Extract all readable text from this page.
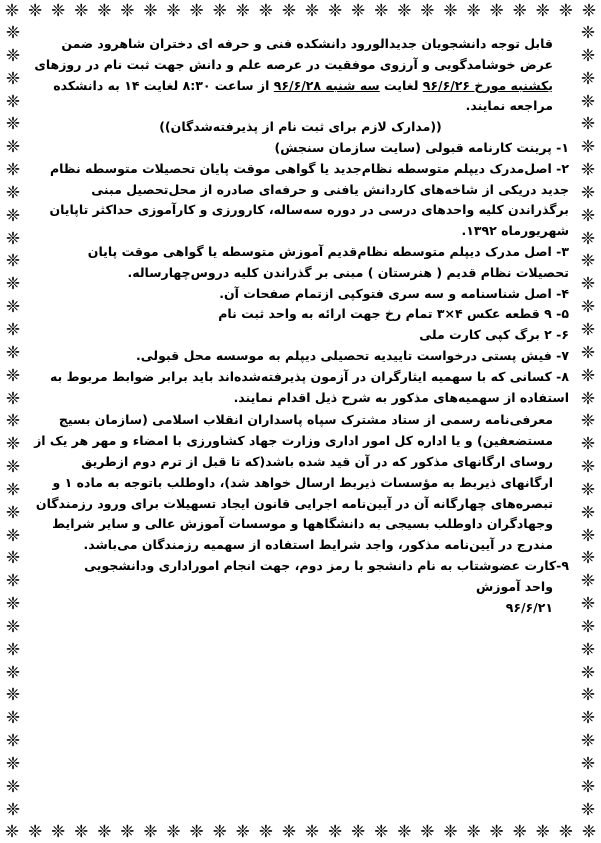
❈ ❈ ❈ ❈ ❈ ❈ ❈ ❈ ❈ ❈ ❈ ❈ ❈ ❈ ❈ ❈ ❈ ❈ ❈ ❈ ❈ ❈ ❈ ❈ ❈ ❈
❈ ❈ ❈ ❈ ❈ ❈ ❈ ❈ ❈ ❈ ❈ ❈ ❈ ❈ ❈ ❈ ❈ ❈ ❈ ❈ ❈ ❈ ❈ ❈ ❈ ❈
❈
❈
❈
❈
❈
❈
❈
❈
❈
❈
❈
❈
❈
❈
❈
❈
❈
❈
❈
❈
❈
❈
❈
❈
❈
❈
❈
❈
❈
❈
❈
❈
❈
❈
❈
❈
❈
❈
❈
❈
❈
❈
❈
❈
❈
❈
❈
❈
❈
❈
❈
❈
❈
❈
❈
❈
❈
❈
❈
❈
❈
❈
❈
❈
❈
❈
❈
❈
❈
❈

قابل توجه دانشجویان جدیدالورود دانشکده فنی و حرفه ای دختران شاهرود ضمن عرض خوشامدگویی و آرزوی موفقیت در عرصه علم و دانش جهت ثبت نام در روزهای یکشنبه مورخ ۹۶/۶/۲۶ لغایت سه شنبه ۹۶/۶/۲۸ از ساعت ۸:۳۰ لغایت ۱۴ به دانشکده مراجعه نمایند.

((مدارک لازم برای ثبت نام از پذیرفته‌شدگان))

۱- پرینت کارنامه قبولی (سایت سازمان سنجش)

۲- اصل‌مدرک دیپلم متوسطه نظام‌جدید یا گواهی موقت پایان تحصیلات متوسطه نظام جدید دریکی از شاخه‌های کاردانش یافنی و حرفه‌ای صادره از محل‌تحصیل مبنی برگذراندن کلیه واحدهای درسی در دوره سه‌ساله، کارورزی و کارآموزی حداکثر تاپایان شهریورماه ۱۳۹۲.

۳- اصل مدرک دیپلم متوسطه نظام‌قدیم آموزش متوسطه یا گواهی موقت پایان تحصیلات نظام قدیم ( هنرستان ) مبنی بر گذراندن کلیه دروس‌چهارساله.

۴- اصل شناسنامه و سه سری فتوکپی ازتمام صفحات آن.

۵- ۹ قطعه عکس ۴×۳ تمام رخ جهت ارائه به واحد ثبت نام

۶- ۲ برگ کپی کارت ملی

۷- فیش پستی درخواست تاییدیه تحصیلی دیپلم به موسسه محل قبولی.

۸- کسانی که با سهمیه ایثارگران در آزمون پذیرفته‌شده‌اند باید برابر ضوابط مربوط به استفاده از سهمیه‌های مذکور به شرح ذیل اقدام نمایند.

معرفی‌نامه رسمی از ستاد مشترک سپاه پاسداران انقلاب اسلامی (سازمان بسیج مستضعفین) و یا اداره کل امور اداری وزارت جهاد کشاورزی با امضاء و مهر هر یک از روسای ارگانهای مذکور که در آن قید شده باشد(که تا قبل از ترم دوم ازطریق ارگانهای ذیربط به مؤسسات ذیربط ارسال خواهد شد)، داوطلب باتوجه به ماده ۱ و تبصره‌های چهارگانه آن در آیین‌نامه اجرایی قانون ایجاد تسهیلات برای ورود رزمندگان وجهادگران داوطلب بسیجی به دانشگاهها و موسسات آموزش عالی و سایر شرایط مندرج در آیین‌نامه مذکور، واجد شرایط استفاده از سهمیه رزمندگان می‌باشد.

۹-کارت عضوشتاب به نام دانشجو با رمز دوم، جهت انجام اموراداری ودانشجویی

واحد آموزش

۹۶/۶/۲۱
